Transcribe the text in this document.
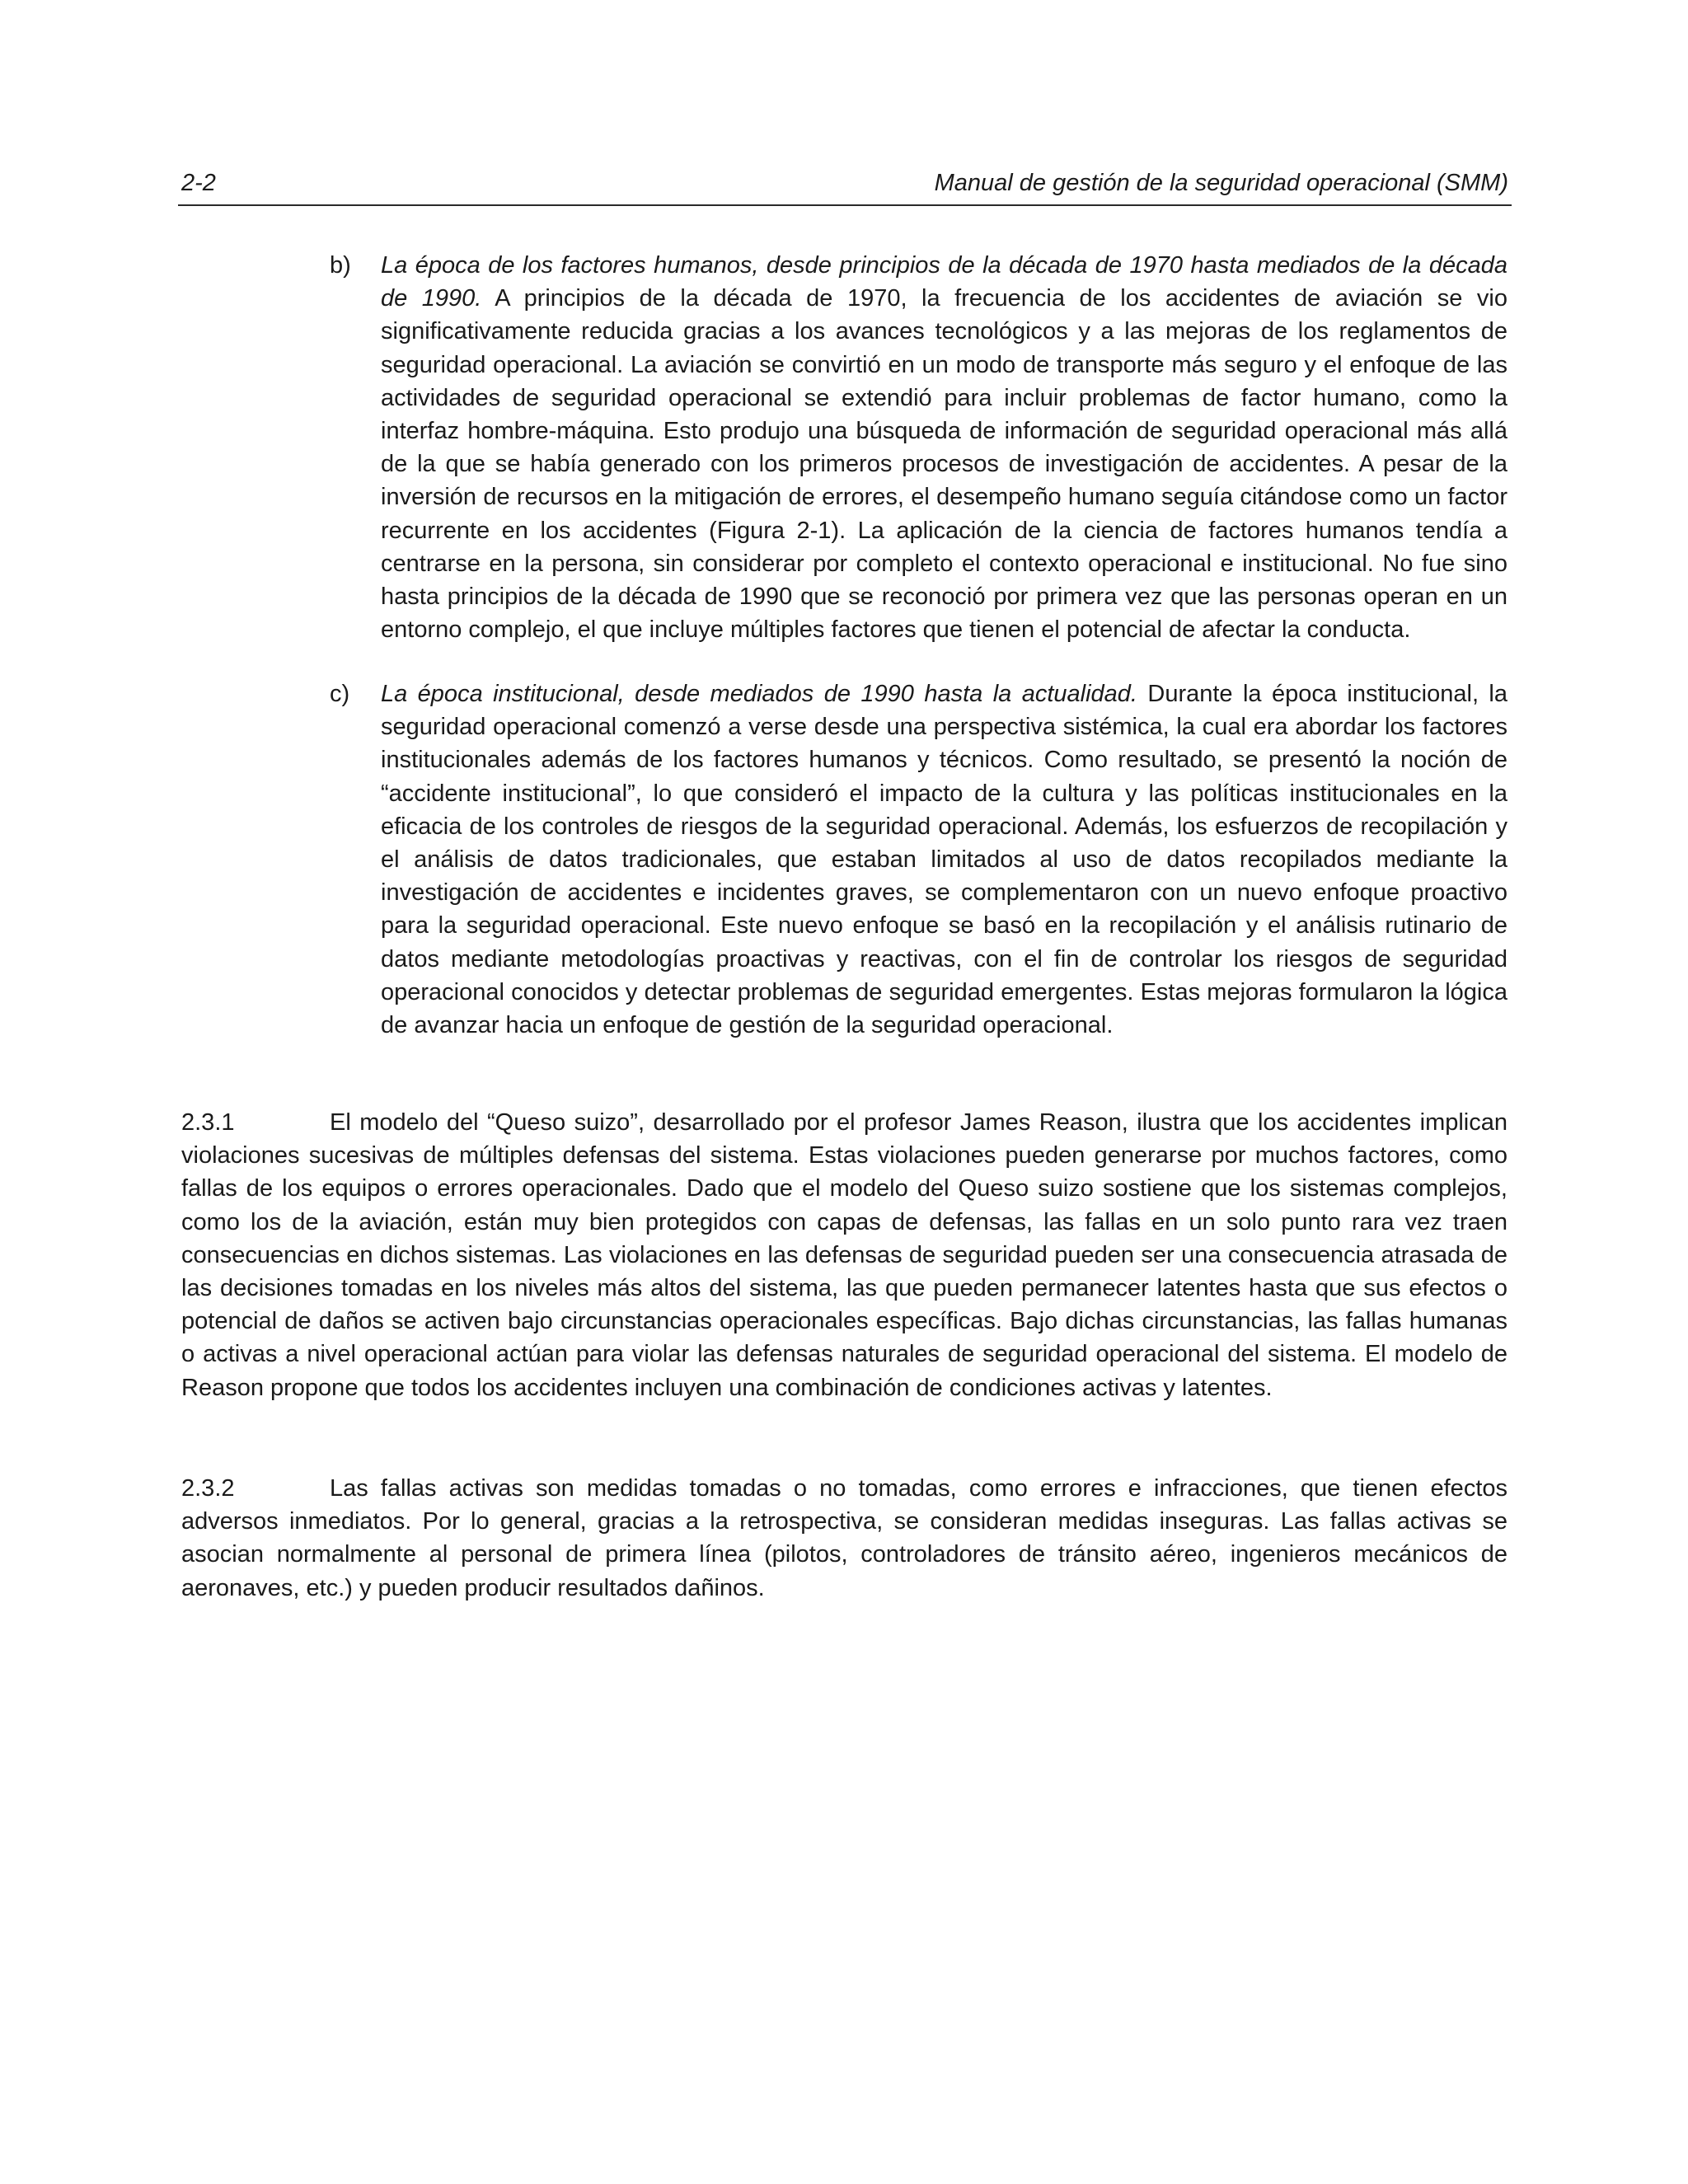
2-2	Manual de gestión de la seguridad operacional (SMM)
b) La época de los factores humanos, desde principios de la década de 1970 hasta mediados de la década de 1990. A principios de la década de 1970, la frecuencia de los accidentes de aviación se vio significativamente reducida gracias a los avances tecnológicos y a las mejoras de los reglamentos de seguridad operacional. La aviación se convirtió en un modo de transporte más seguro y el enfoque de las actividades de seguridad operacional se extendió para incluir problemas de factor humano, como la interfaz hombre-máquina. Esto produjo una búsqueda de información de seguridad operacional más allá de la que se había generado con los primeros procesos de investigación de accidentes. A pesar de la inversión de recursos en la mitigación de errores, el desempeño humano seguía citándose como un factor recurrente en los accidentes (Figura 2-1). La aplicación de la ciencia de factores humanos tendía a centrarse en la persona, sin considerar por completo el contexto operacional e institucional. No fue sino hasta principios de la década de 1990 que se reconoció por primera vez que las personas operan en un entorno complejo, el que incluye múltiples factores que tienen el potencial de afectar la conducta.
c) La época institucional, desde mediados de 1990 hasta la actualidad. Durante la época institucional, la seguridad operacional comenzó a verse desde una perspectiva sistémica, la cual era abordar los factores institucionales además de los factores humanos y técnicos. Como resultado, se presentó la noción de “accidente institucional”, lo que consideró el impacto de la cultura y las políticas institucionales en la eficacia de los controles de riesgos de la seguridad operacional. Además, los esfuerzos de recopilación y el análisis de datos tradicionales, que estaban limitados al uso de datos recopilados mediante la investigación de accidentes e incidentes graves, se complementaron con un nuevo enfoque proactivo para la seguridad operacional. Este nuevo enfoque se basó en la recopilación y el análisis rutinario de datos mediante metodologías proactivas y reactivas, con el fin de controlar los riesgos de seguridad operacional conocidos y detectar problemas de seguridad emergentes. Estas mejoras formularon la lógica de avanzar hacia un enfoque de gestión de la seguridad operacional.
2.3.1	El modelo del “Queso suizo”, desarrollado por el profesor James Reason, ilustra que los accidentes implican violaciones sucesivas de múltiples defensas del sistema. Estas violaciones pueden generarse por muchos factores, como fallas de los equipos o errores operacionales. Dado que el modelo del Queso suizo sostiene que los sistemas complejos, como los de la aviación, están muy bien protegidos con capas de defensas, las fallas en un solo punto rara vez traen consecuencias en dichos sistemas. Las violaciones en las defensas de seguridad pueden ser una consecuencia atrasada de las decisiones tomadas en los niveles más altos del sistema, las que pueden permanecer latentes hasta que sus efectos o potencial de daños se activen bajo circunstancias operacionales específicas. Bajo dichas circunstancias, las fallas humanas o activas a nivel operacional actúan para violar las defensas naturales de seguridad operacional del sistema. El modelo de Reason propone que todos los accidentes incluyen una combinación de condiciones activas y latentes.
2.3.2	Las fallas activas son medidas tomadas o no tomadas, como errores e infracciones, que tienen efectos adversos inmediatos. Por lo general, gracias a la retrospectiva, se consideran medidas inseguras. Las fallas activas se asocian normalmente al personal de primera línea (pilotos, controladores de tránsito aéreo, ingenieros mecánicos de aeronaves, etc.) y pueden producir resultados dañinos.
